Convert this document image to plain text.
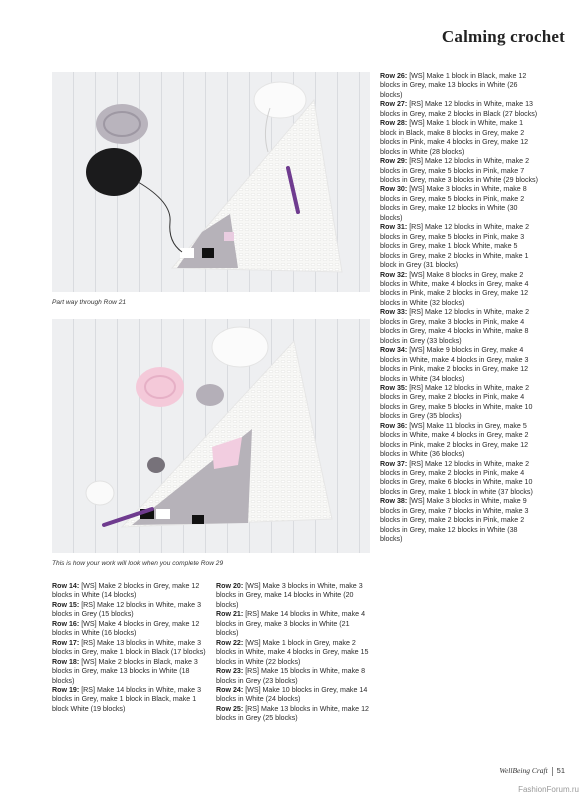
Calming crochet
Part way through Row 21
This is how your work will look when you complete Row 29

Row 14: [WS] Make 2 blocks in Grey, make 12 blocks in White (14 blocks)

Row 15: [RS] Make 12 blocks in White, make 3 blocks in Grey (15 blocks)

Row 16: [WS] Make 4 blocks in Grey, make 12 blocks in White (16 blocks)

Row 17: [RS] Make 13 blocks in White, make 3 blocks in Grey, make 1 block in Black (17 blocks)

Row 18: [WS] Make 2 blocks in Black, make 3 blocks in Grey, make 13 blocks in White (18 blocks)

Row 19: [RS] Make 14 blocks in White, make 3 blocks in Grey, make 1 block in Black, make 1 block White (19 blocks)

Row 20: [WS] Make 3 blocks in White, make 3 blocks in Grey, make 14 blocks in White (20 blocks)

Row 21: [RS] Make 14 blocks in White, make 4 blocks in Grey, make 3 blocks in White (21 blocks)

Row 22: [WS] Make 1 block in Grey, make 2 blocks in White, make 4 blocks in Grey, make 15 blocks in White (22 blocks)

Row 23: [RS] Make 15 blocks in White, make 8 blocks in Grey (23 blocks)

Row 24: [WS] Make 10 blocks in Grey, make 14 blocks in White (24 blocks)

Row 25: [RS] Make 13 blocks in White, make 12 blocks in Grey (25 blocks)

Row 26: [WS] Make 1 block in Black, make 12 blocks in Grey, make 13 blocks in White (26 blocks)

Row 27: [RS] Make 12 blocks in White, make 13 blocks in Grey, make 2 blocks in Black (27 blocks)

Row 28: [WS] Make 1 block in White, make 1 block in Black, make 8 blocks in Grey, make 2 blocks in Pink, make 4 blocks in Grey, make 12 blocks in White (28 blocks)

Row 29: [RS] Make 12 blocks in White, make 2 blocks in Grey, make 5 blocks in Pink, make 7 blocks in Grey, make 3 blocks in White (29 blocks)

Row 30: [WS] Make 3 blocks in White, make 8 blocks in Grey, make 5 blocks in Pink, make 2 blocks in Grey, make 12 blocks in White (30 blocks)

Row 31: [RS] Make 12 blocks in White, make 2 blocks in Grey, make 5 blocks in Pink, make 3 blocks in Grey, make 1 block White, make 5 blocks in Grey, make 2 blocks in White, make 1 block in Grey (31 blocks)

Row 32: [WS] Make 8 blocks in Grey, make 2 blocks in White, make 4 blocks in Grey, make 4 blocks in Pink, make 2 blocks in Grey, make 12 blocks in White (32 blocks)

Row 33: [RS] Make 12 blocks in White, make 2 blocks in Grey, make 3 blocks in Pink, make 4 blocks in Grey, make 4 blocks in White, make 8 blocks in Grey (33 blocks)

Row 34: [WS] Make 9 blocks in Grey, make 4 blocks in White, make 4 blocks in Grey, make 3 blocks in Pink, make 2 blocks in Grey, make 12 blocks in White (34 blocks)

Row 35: [RS] Make 12 blocks in White, make 2 blocks in Grey, make 2 blocks in Pink, make 4 blocks in Grey, make 5 blocks in White, make 10 blocks in Grey (35 blocks)

Row 36: [WS] Make 11 blocks in Grey, make 5 blocks in White, make 4 blocks in Grey, make 2 blocks in Pink, make 2 blocks in Grey, make 12 blocks in White (36 blocks)

Row 37: [RS] Make 12 blocks in White, make 2 blocks in Grey, make 2 blocks in Pink, make 4 blocks in Grey, make 6 blocks in White, make 10 blocks in Grey, make 1 block in white (37 blocks)

Row 38: [WS] Make 3 blocks in White, make 9 blocks in Grey, make 7 blocks in White, make 3 blocks in Grey, make 2 blocks in Pink, make 2 blocks in Grey, make 12 blocks in White (38 blocks)

WellBeing Craft 51
FashionForum.ru
